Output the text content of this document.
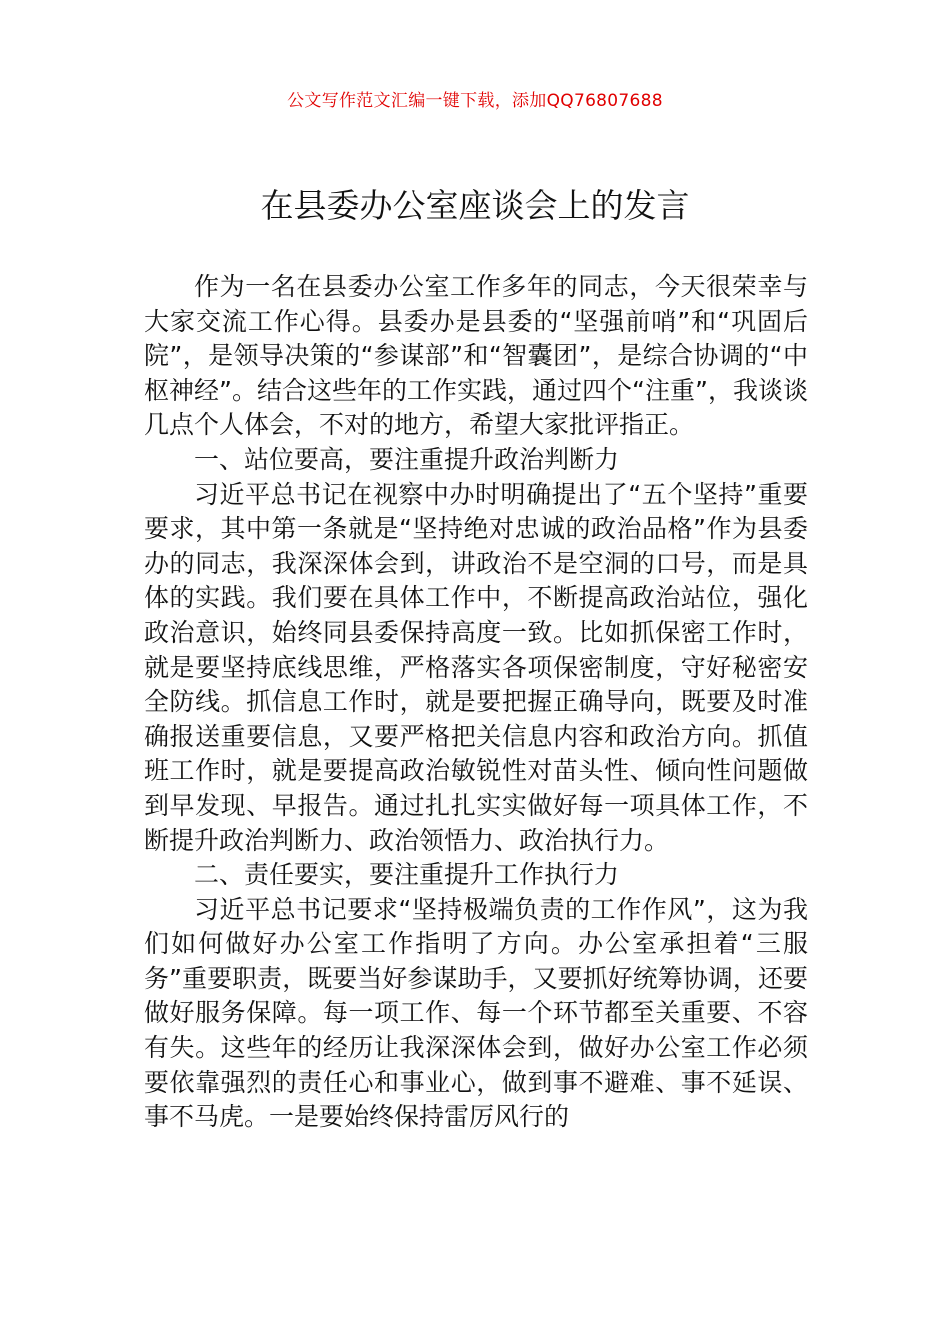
公文写作范文汇编一键下载，添加QQ76807688
在县委办公室座谈会上的发言

作为一名在县委办公室工作多年的同志，今天很荣幸与大家交流工作心得。县委办是县委的“坚强前哨”和“巩固后院”，是领导决策的“参谋部”和“智囊团”，是综合协调的“中枢神经”。结合这些年的工作实践，通过四个“注重”，我谈谈几点个人体会，不对的地方，希望大家批评指正。

一、站位要高，要注重提升政治判断力

习近平总书记在视察中办时明确提出了“五个坚持”重要要求，其中第一条就是“坚持绝对忠诚的政治品格”作为县委办的同志，我深深体会到，讲政治不是空洞的口号，而是具体的实践。我们要在具体工作中，不断提高政治站位，强化政治意识，始终同县委保持高度一致。比如抓保密工作时，就是要坚持底线思维，严格落实各项保密制度，守好秘密安全防线。抓信息工作时，就是要把握正确导向，既要及时准确报送重要信息，又要严格把关信息内容和政治方向。抓值班工作时，就是要提高政治敏锐性对苗头性、倾向性问题做到早发现、早报告。通过扎扎实实做好每一项具体工作，不断提升政治判断力、政治领悟力、政治执行力。

二、责任要实，要注重提升工作执行力

习近平总书记要求“坚持极端负责的工作作风”，这为我们如何做好办公室工作指明了方向。办公室承担着“三服务”重要职责，既要当好参谋助手，又要抓好统筹协调，还要做好服务保障。每一项工作、每一个环节都至关重要、不容有失。这些年的经历让我深深体会到，做好办公室工作必须要依靠强烈的责任心和事业心，做到事不避难、事不延误、事不马虎。一是要始终保持雷厉风行的
